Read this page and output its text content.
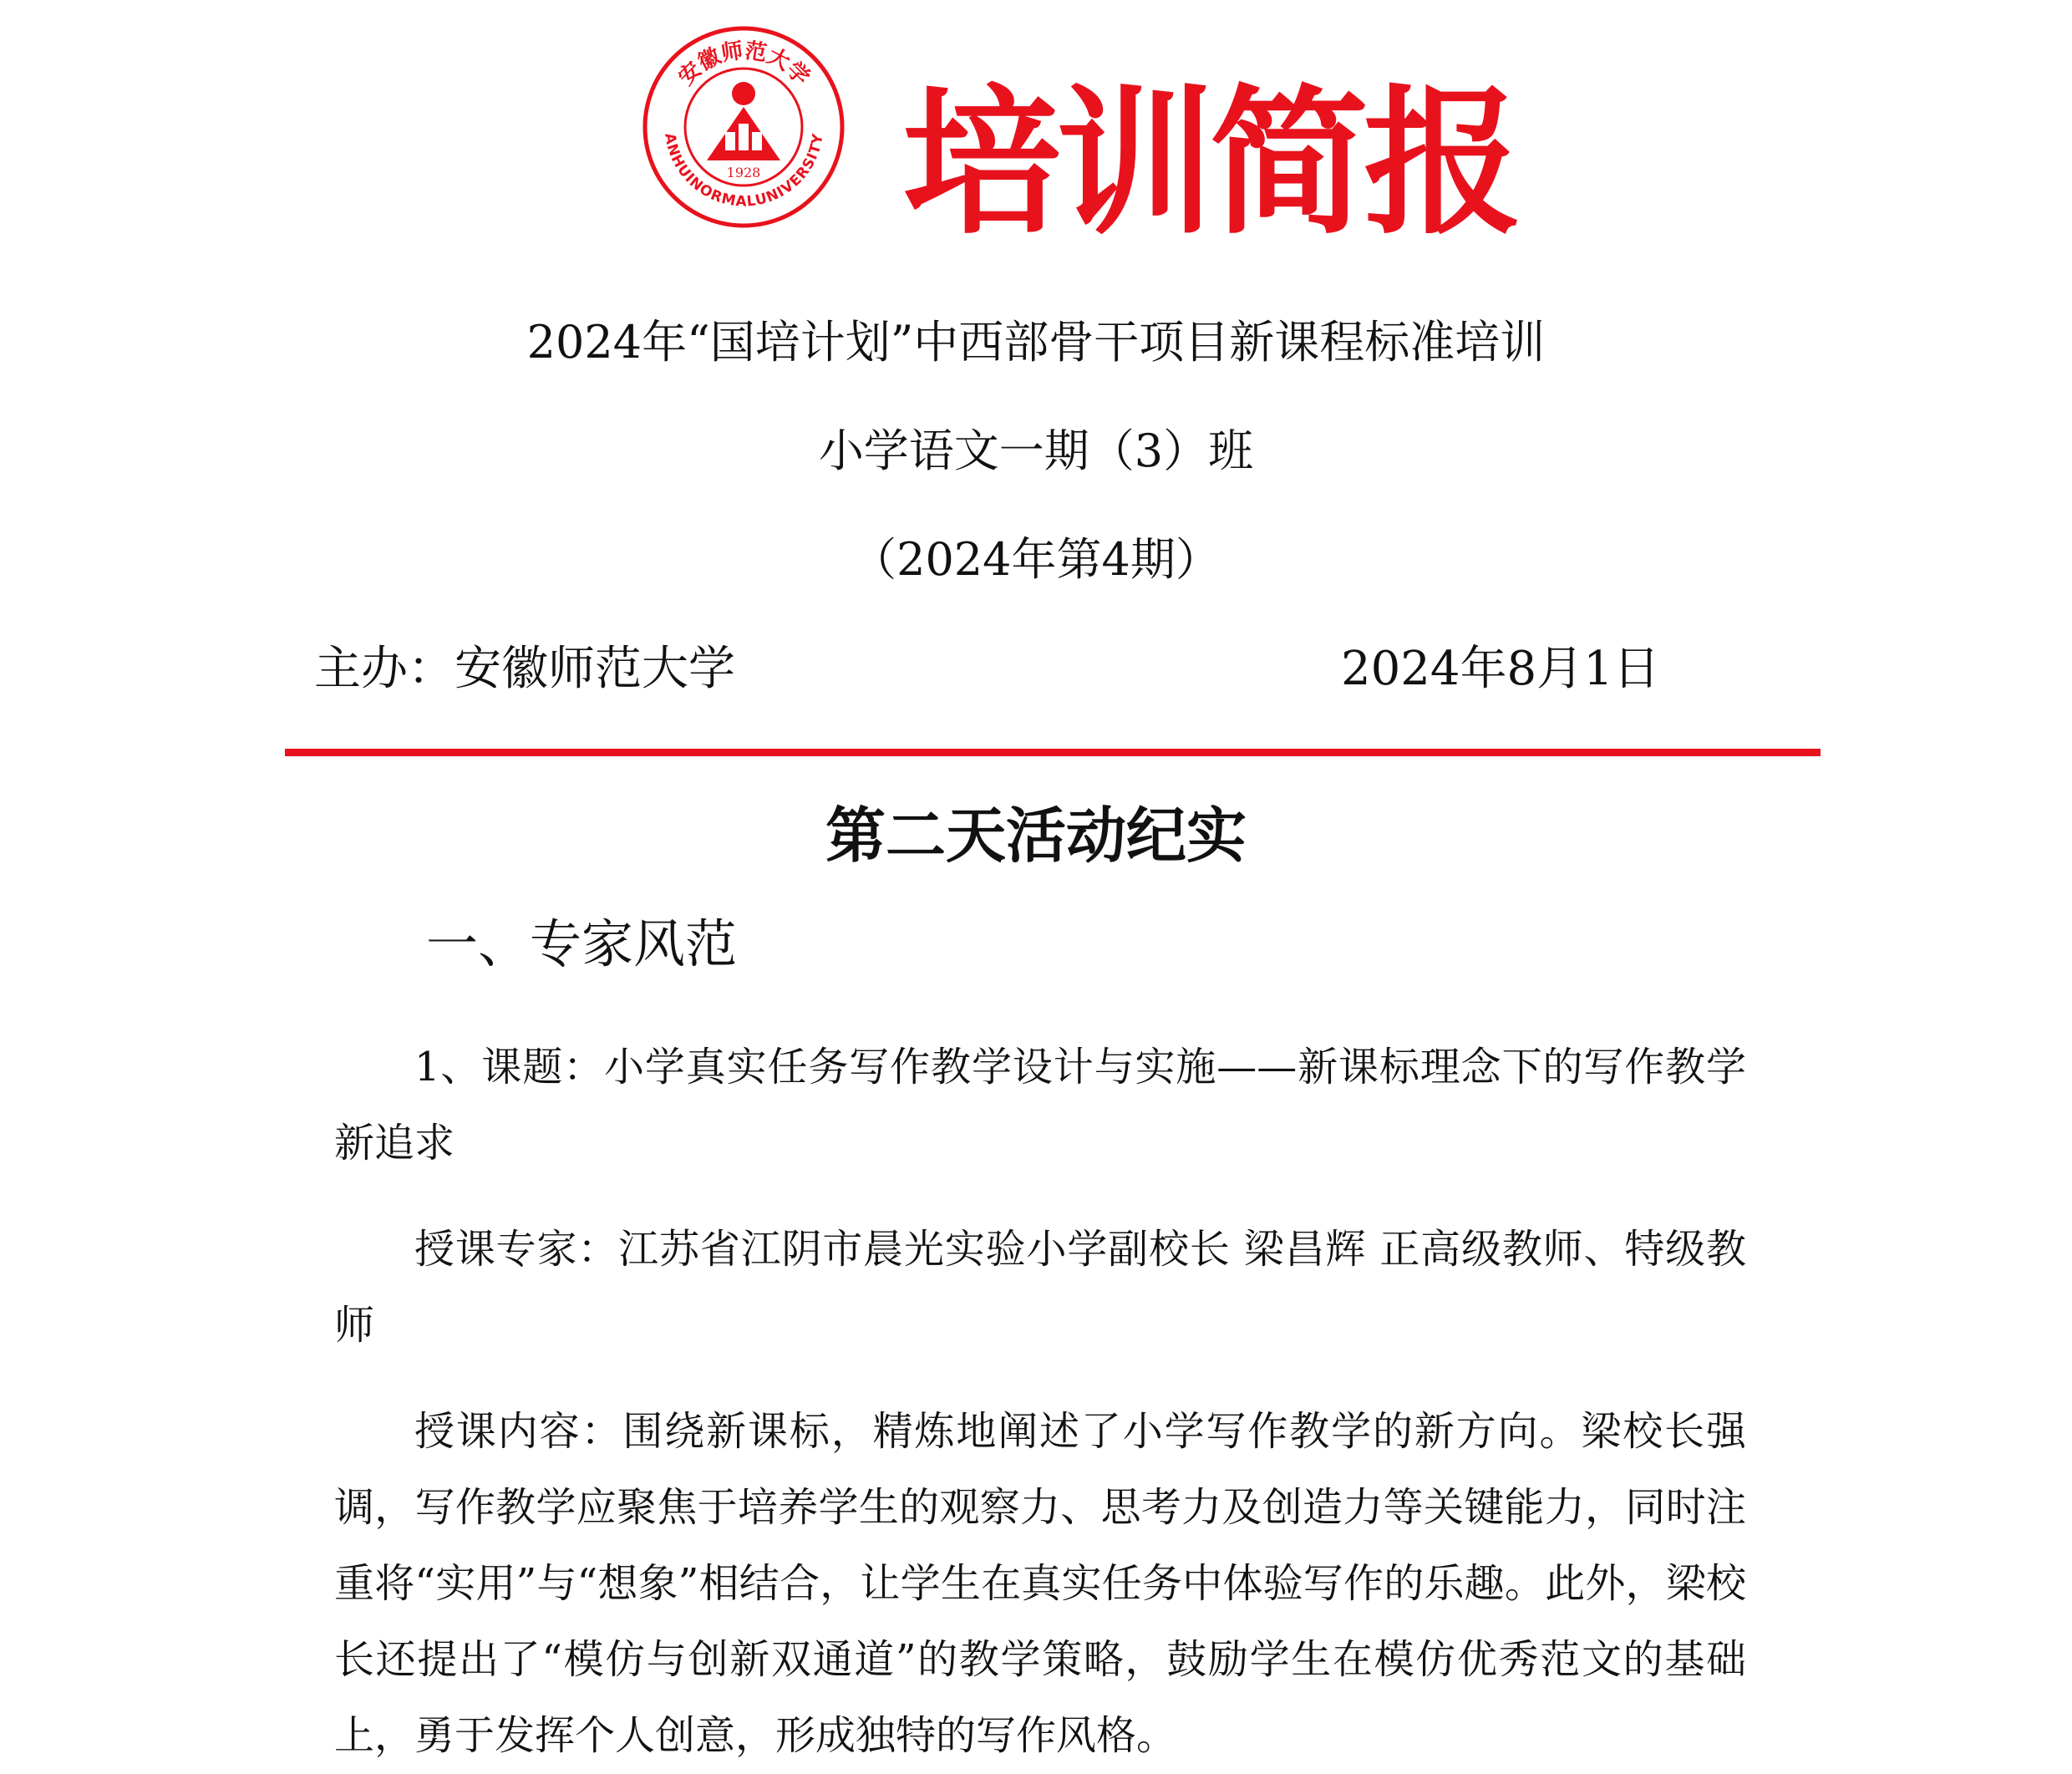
安徽师范大学
ANHUINORMALUNIVERSITY
1928 培训简报
2024年“国培计划”中西部骨干项目新课程标准培训
小学语文一期（3）班
（2024年第4期）
主办：安徽师范大学	2024年8月1日
第二天活动纪实
一、专家风范

1、课题：小学真实任务写作教学设计与实施——新课标理念下的写作教学新追求

授课专家：江苏省江阴市晨光实验小学副校长 梁昌辉 正高级教师、特级教师

授课内容：围绕新课标，精炼地阐述了小学写作教学的新方向。梁校长强调，写作教学应聚焦于培养学生的观察力、思考力及创造力等关键能力，同时注重将“实用”与“想象”相结合，让学生在真实任务中体验写作的乐趣。此外，梁校长还提出了“模仿与创新双通道”的教学策略，鼓励学生在模仿优秀范文的基础上，勇于发挥个人创意，形成独特的写作风格。
